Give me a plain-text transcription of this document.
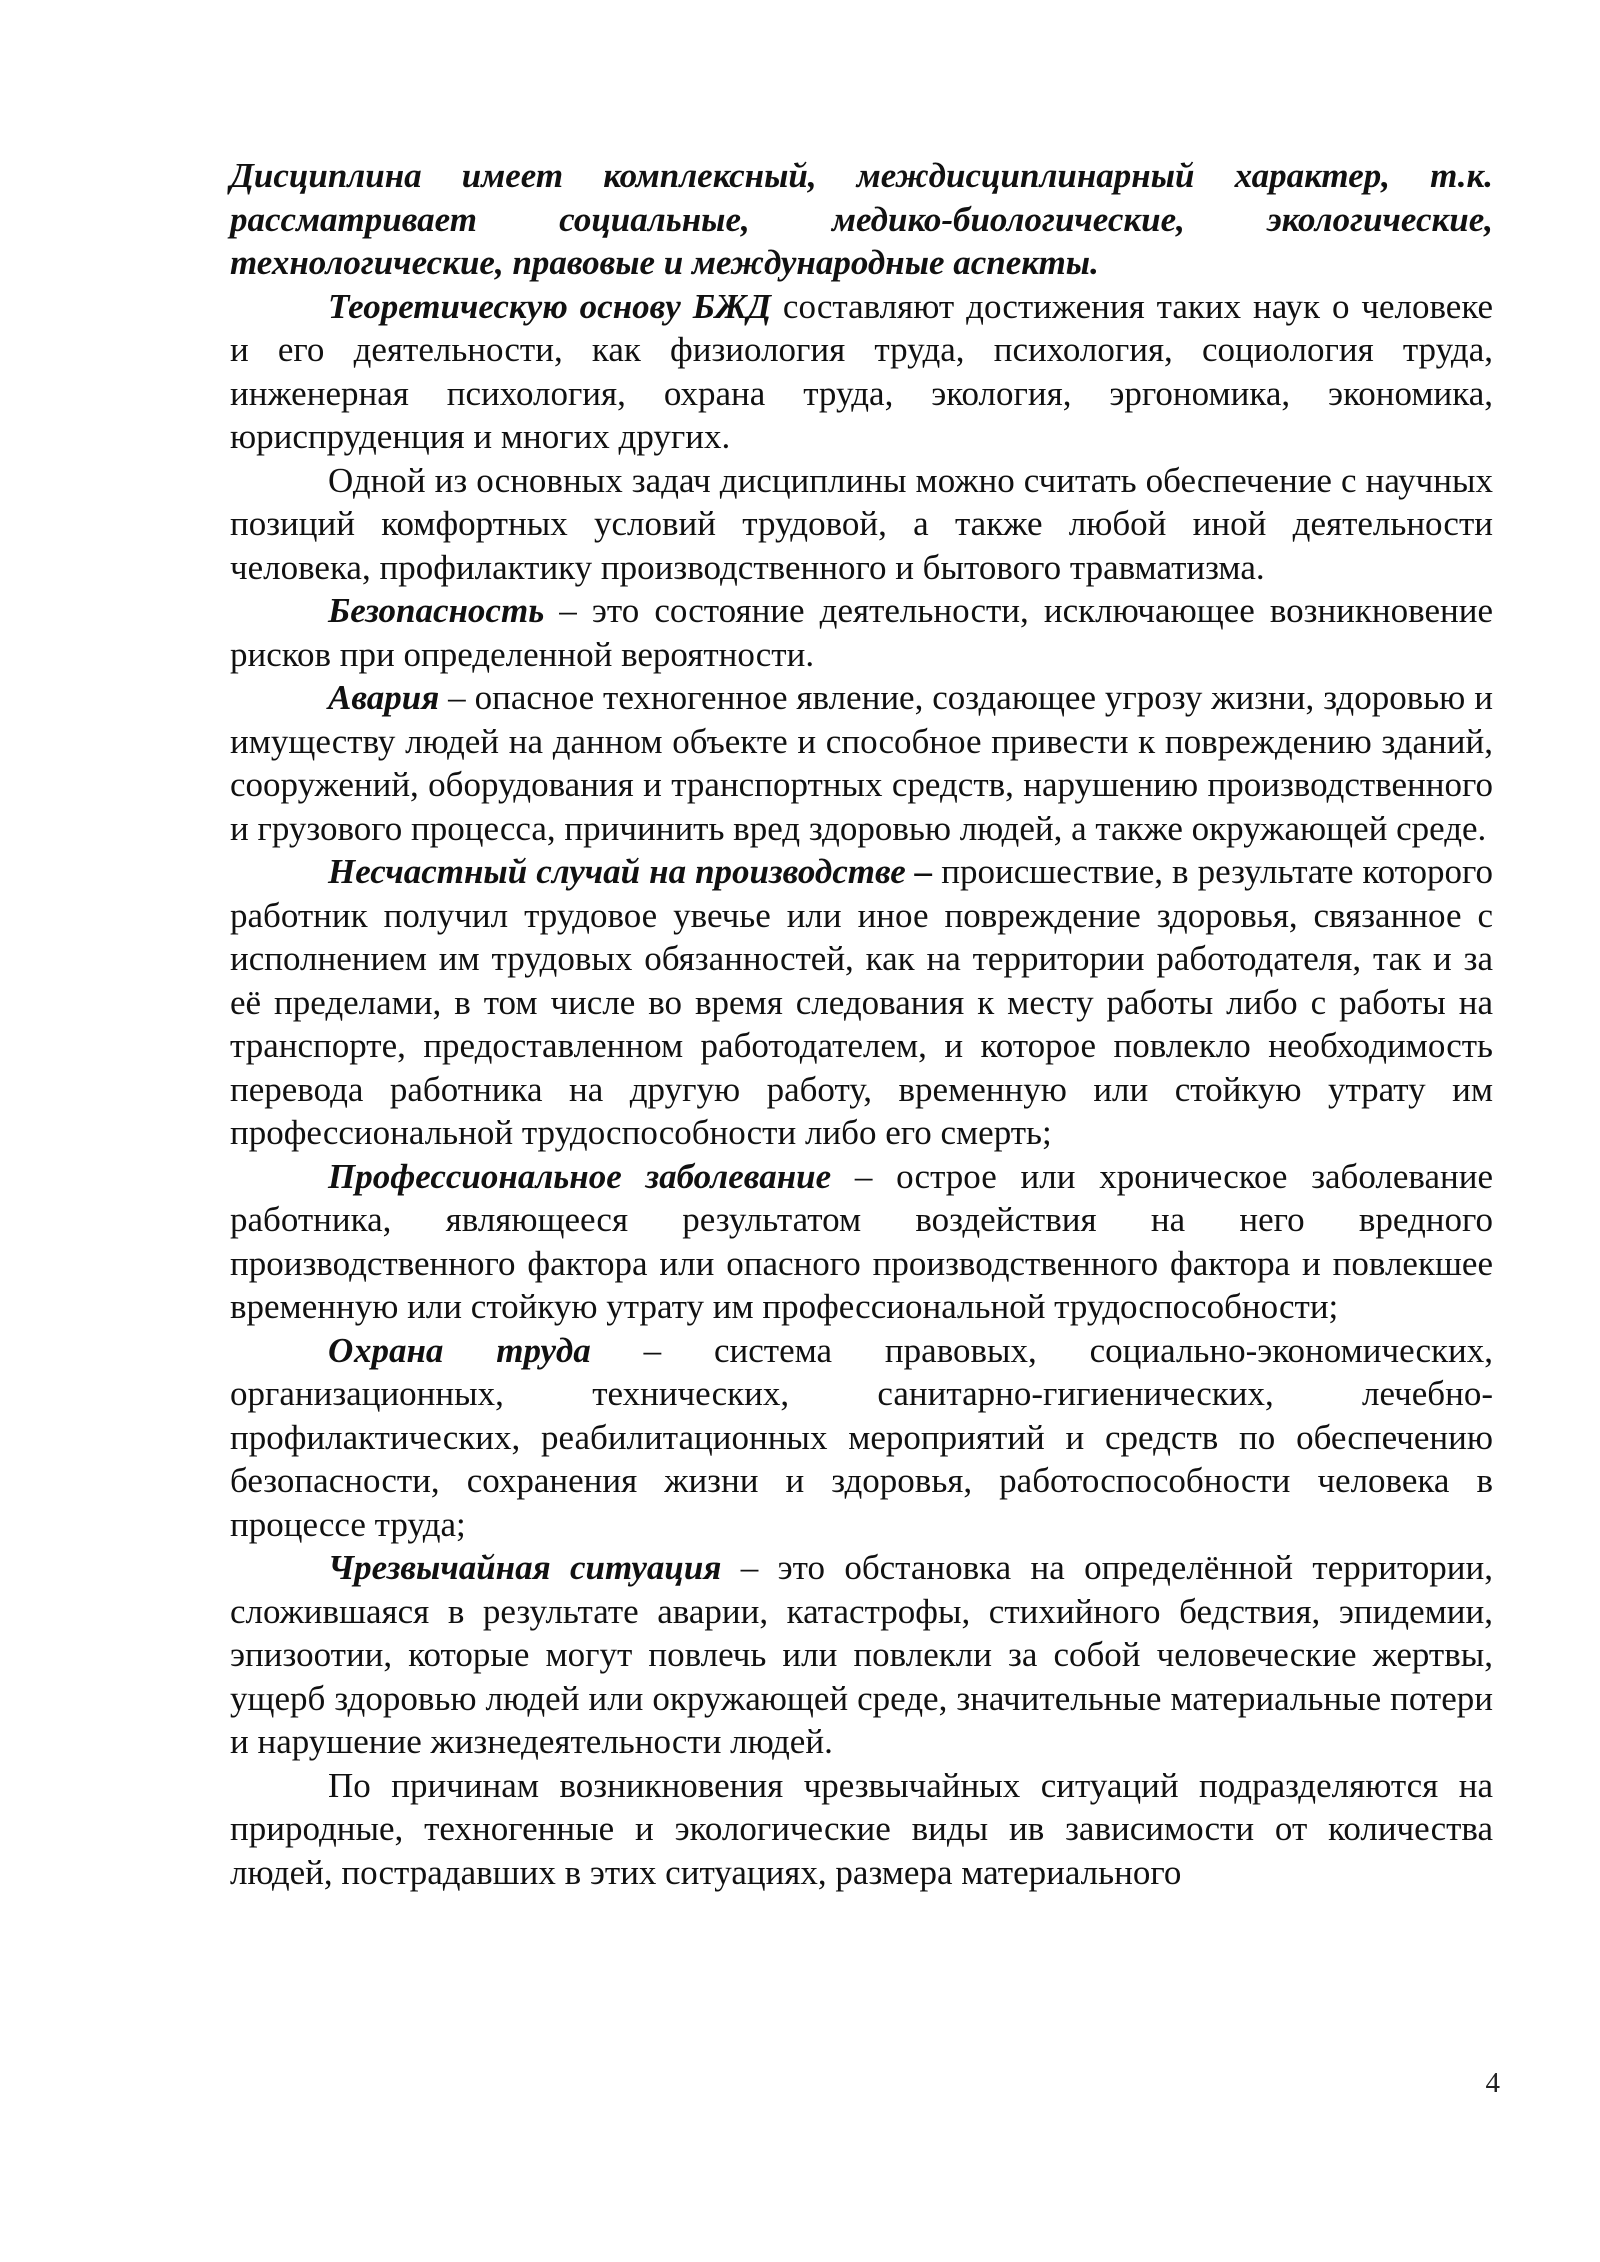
Дисциплина имеет комплексный, междисциплинарный характер, т.к. рассматривает социальные, медико-биологические, экологические, технологические, правовые и международные аспекты.

Теоретическую основу БЖД составляют достижения таких наук о человеке и его деятельности, как физиология труда, психология, социология труда, инженерная психология, охрана труда, экология, эргономика, экономика, юриспруденция и многих других.

Одной из основных задач дисциплины можно считать обеспечение с научных позиций комфортных условий трудовой, а также любой иной деятельности человека, профилактику производственного и бытового травматизма.

Безопасность – это состояние деятельности, исключающее возникновение рисков при определенной вероятности.

Авария – опасное техногенное явление, создающее угрозу жизни, здоровью и имуществу людей на данном объекте и способное привести к повреждению зданий, сооружений, оборудования и транспортных средств, нарушению производственного и грузового процесса, причинить вред здоровью людей, а также окружающей среде.

Несчастный случай на производстве – происшествие, в результате которого работник получил трудовое увечье или иное повреждение здоровья, связанное с исполнением им трудовых обязанностей, как на территории работодателя, так и за её пределами, в том числе во время следования к месту работы либо с работы на транспорте, предоставленном работодателем, и которое повлекло необходимость перевода работника на другую работу, временную или стойкую утрату им профессиональной трудоспособности либо его смерть;

Профессиональное заболевание – острое или хроническое заболевание работника, являющееся результатом воздействия на него вредного производственного фактора или опасного производственного фактора и повлекшее временную или стойкую утрату им профессиональной трудоспособности;

Охрана труда – система правовых, социально-экономических, организационных, технических, санитарно-гигиенических, лечебно-профилактических, реабилитационных мероприятий и средств по обеспечению безопасности, сохранения жизни и здоровья, работоспособности человека в процессе труда;

Чрезвычайная ситуация – это обстановка на определённой территории, сложившаяся в результате аварии, катастрофы, стихийного бедствия, эпидемии, эпизоотии, которые могут повлечь или повлекли за собой человеческие жертвы, ущерб здоровью людей или окружающей среде, значительные материальные потери и нарушение жизнедеятельности людей.

По причинам возникновения чрезвычайных ситуаций подразделяются на природные, техногенные и экологические виды ив зависимости от количества людей, пострадавших в этих ситуациях, размера материального

4
